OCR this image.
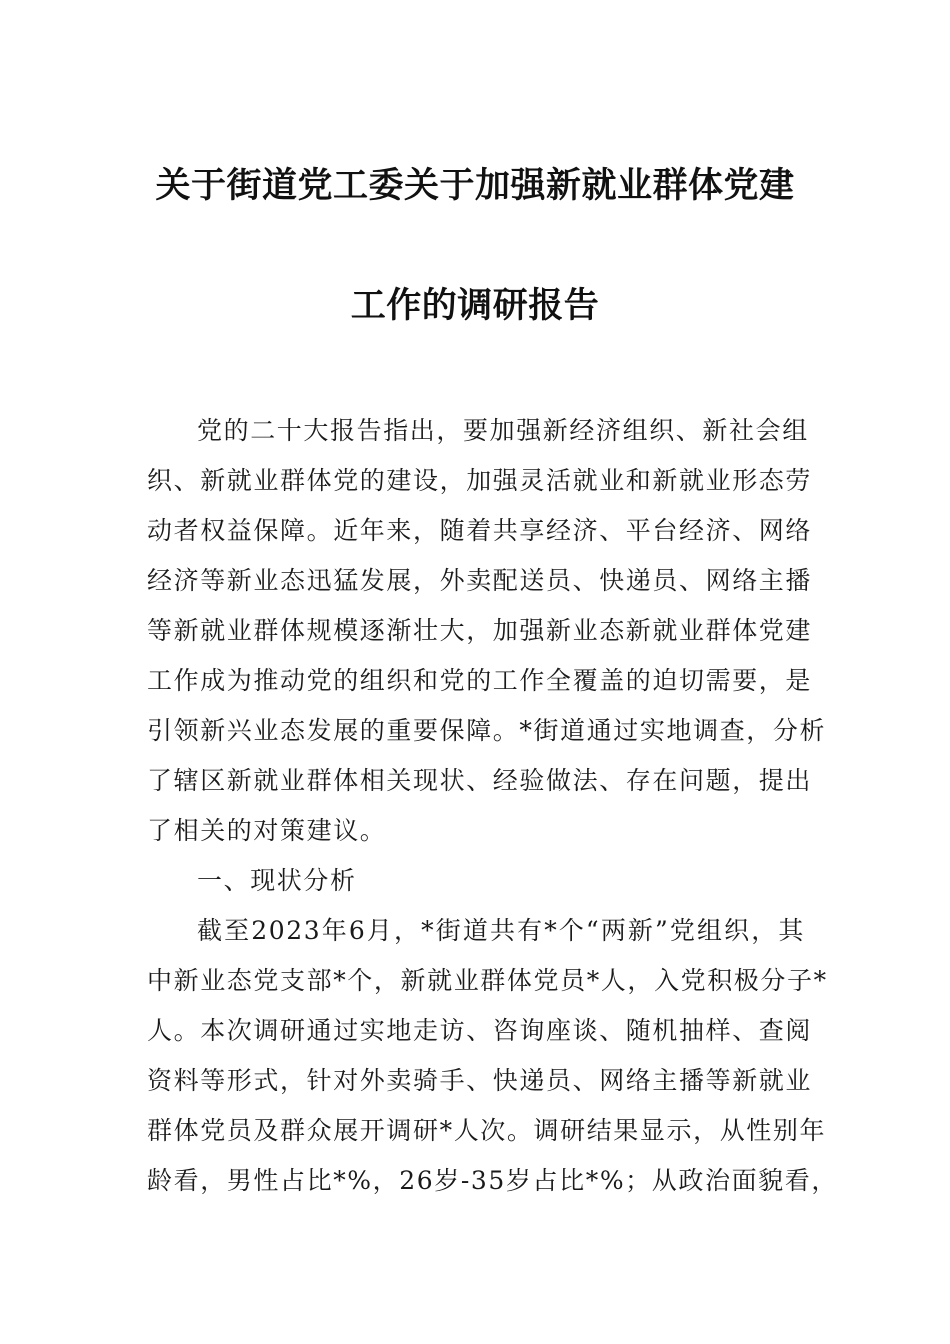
关于街道党工委关于加强新就业群体党建
工作的调研报告
党的二十大报告指出，要加强新经济组织、新社会组
织、新就业群体党的建设，加强灵活就业和新就业形态劳
动者权益保障。近年来，随着共享经济、平台经济、网络
经济等新业态迅猛发展，外卖配送员、快递员、网络主播
等新就业群体规模逐渐壮大，加强新业态新就业群体党建
工作成为推动党的组织和党的工作全覆盖的迫切需要，是
引领新兴业态发展的重要保障。*街道通过实地调查，分析
了辖区新就业群体相关现状、经验做法、存在问题，提出
了相关的对策建议。
一、现状分析
截至2023年6月，*街道共有*个“两新”党组织，其
中新业态党支部*个，新就业群体党员*人，入党积极分子*
人。本次调研通过实地走访、咨询座谈、随机抽样、查阅
资料等形式，针对外卖骑手、快递员、网络主播等新就业
群体党员及群众展开调研*人次。调研结果显示，从性别年
龄看，男性占比*%，26岁-35岁占比*%；从政治面貌看，
